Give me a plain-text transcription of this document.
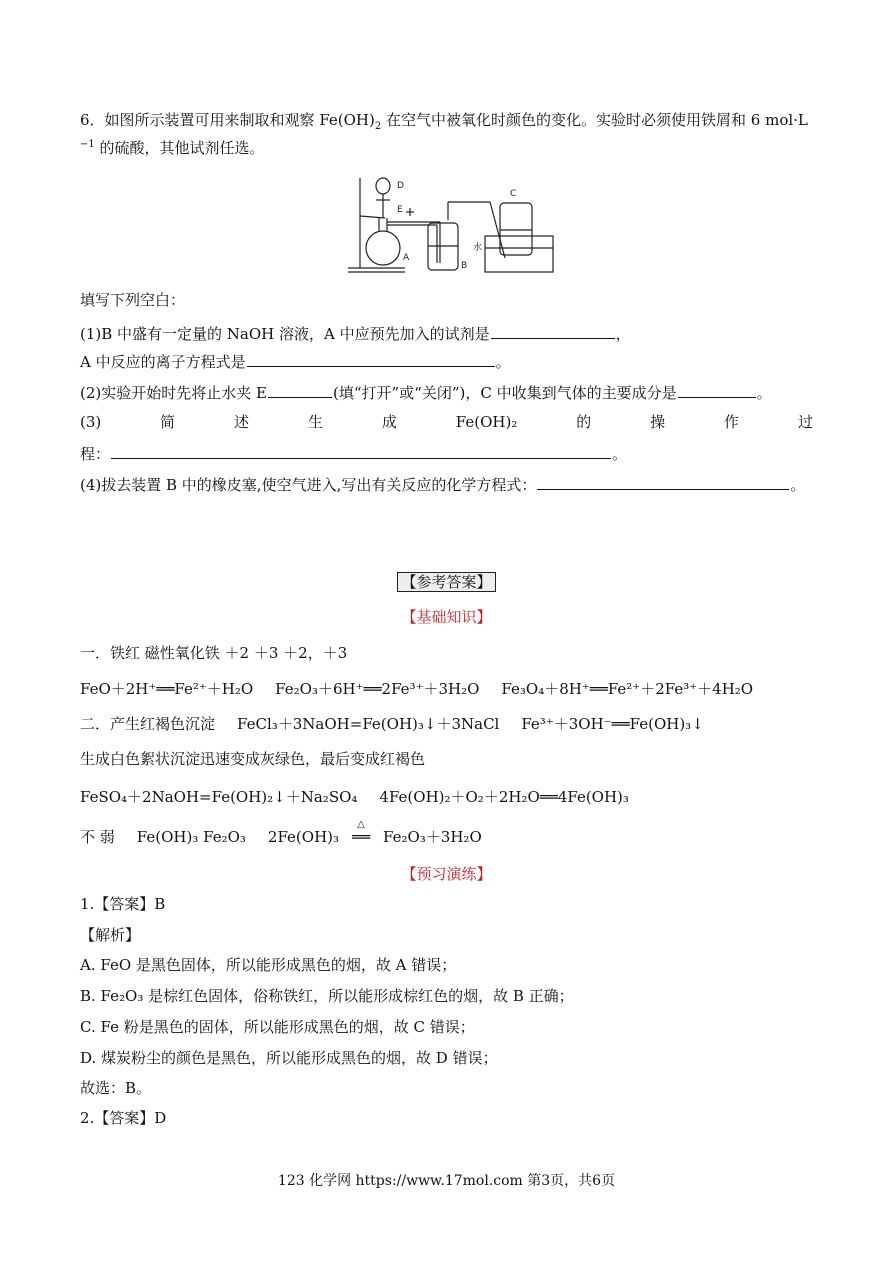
6．如图所示装置可用来制取和观察 $Fe(OH)_2$ 在空气中被氧化时颜色的变化。实验时必须使用铁屑和 6 mol·L
$^{-1}$ 的硫酸，其他试剂任选。
D
E
A
B
C
水
填写下列空白：
(1)B 中盛有一定量的 NaOH 溶液，A 中应预先加入的试剂是	，
A 中反应的离子方程式是	。
(2)实验开始时先将止水夹 E	(填“打开”或“关闭”)，C 中收集到气体的主要成分是	。
(3)	简	述	生	成	Fe(OH)₂	的	操	作	过
程：	。
(4)拔去装置 B 中的橡皮塞,使空气进入,写出有关反应的化学方程式：	。
【参考答案】
【基础知识】
一．铁红 磁性氧化铁 ＋2 ＋3 ＋2，＋3
FeO＋2H⁺══Fe²⁺＋H₂O Fe₂O₃＋6H⁺══2Fe³⁺＋3H₂O Fe₃O₄＋8H⁺══Fe²⁺＋2Fe³⁺＋4H₂O
二．产生红褐色沉淀 FeCl₃＋3NaOH=Fe(OH)₃↓＋3NaCl Fe³⁺＋3OH⁻══Fe(OH)₃↓
生成白色絮状沉淀迅速变成灰绿色，最后变成红褐色
FeSO₄＋2NaOH=Fe(OH)₂↓＋Na₂SO₄ 4Fe(OH)₂＋O₂＋2H₂O══4Fe(OH)₃
不 弱 Fe(OH)₃ Fe₂O₃ 2Fe(OH)₃
△
══ Fe₂O₃＋3H₂O
【预习演练】
1.【答案】B
【解析】
A. FeO 是黑色固体，所以能形成黑色的烟，故 A 错误；
B. Fe₂O₃ 是棕红色固体，俗称铁红，所以能形成棕红色的烟，故 B 正确；
C. Fe 粉是黑色的固体，所以能形成黑色的烟，故 C 错误；
D. 煤炭粉尘的颜色是黑色，所以能形成黑色的烟，故 D 错误；
故选：B。
2.【答案】D
123 化学网 https://www.17mol.com 第3页，共6页
